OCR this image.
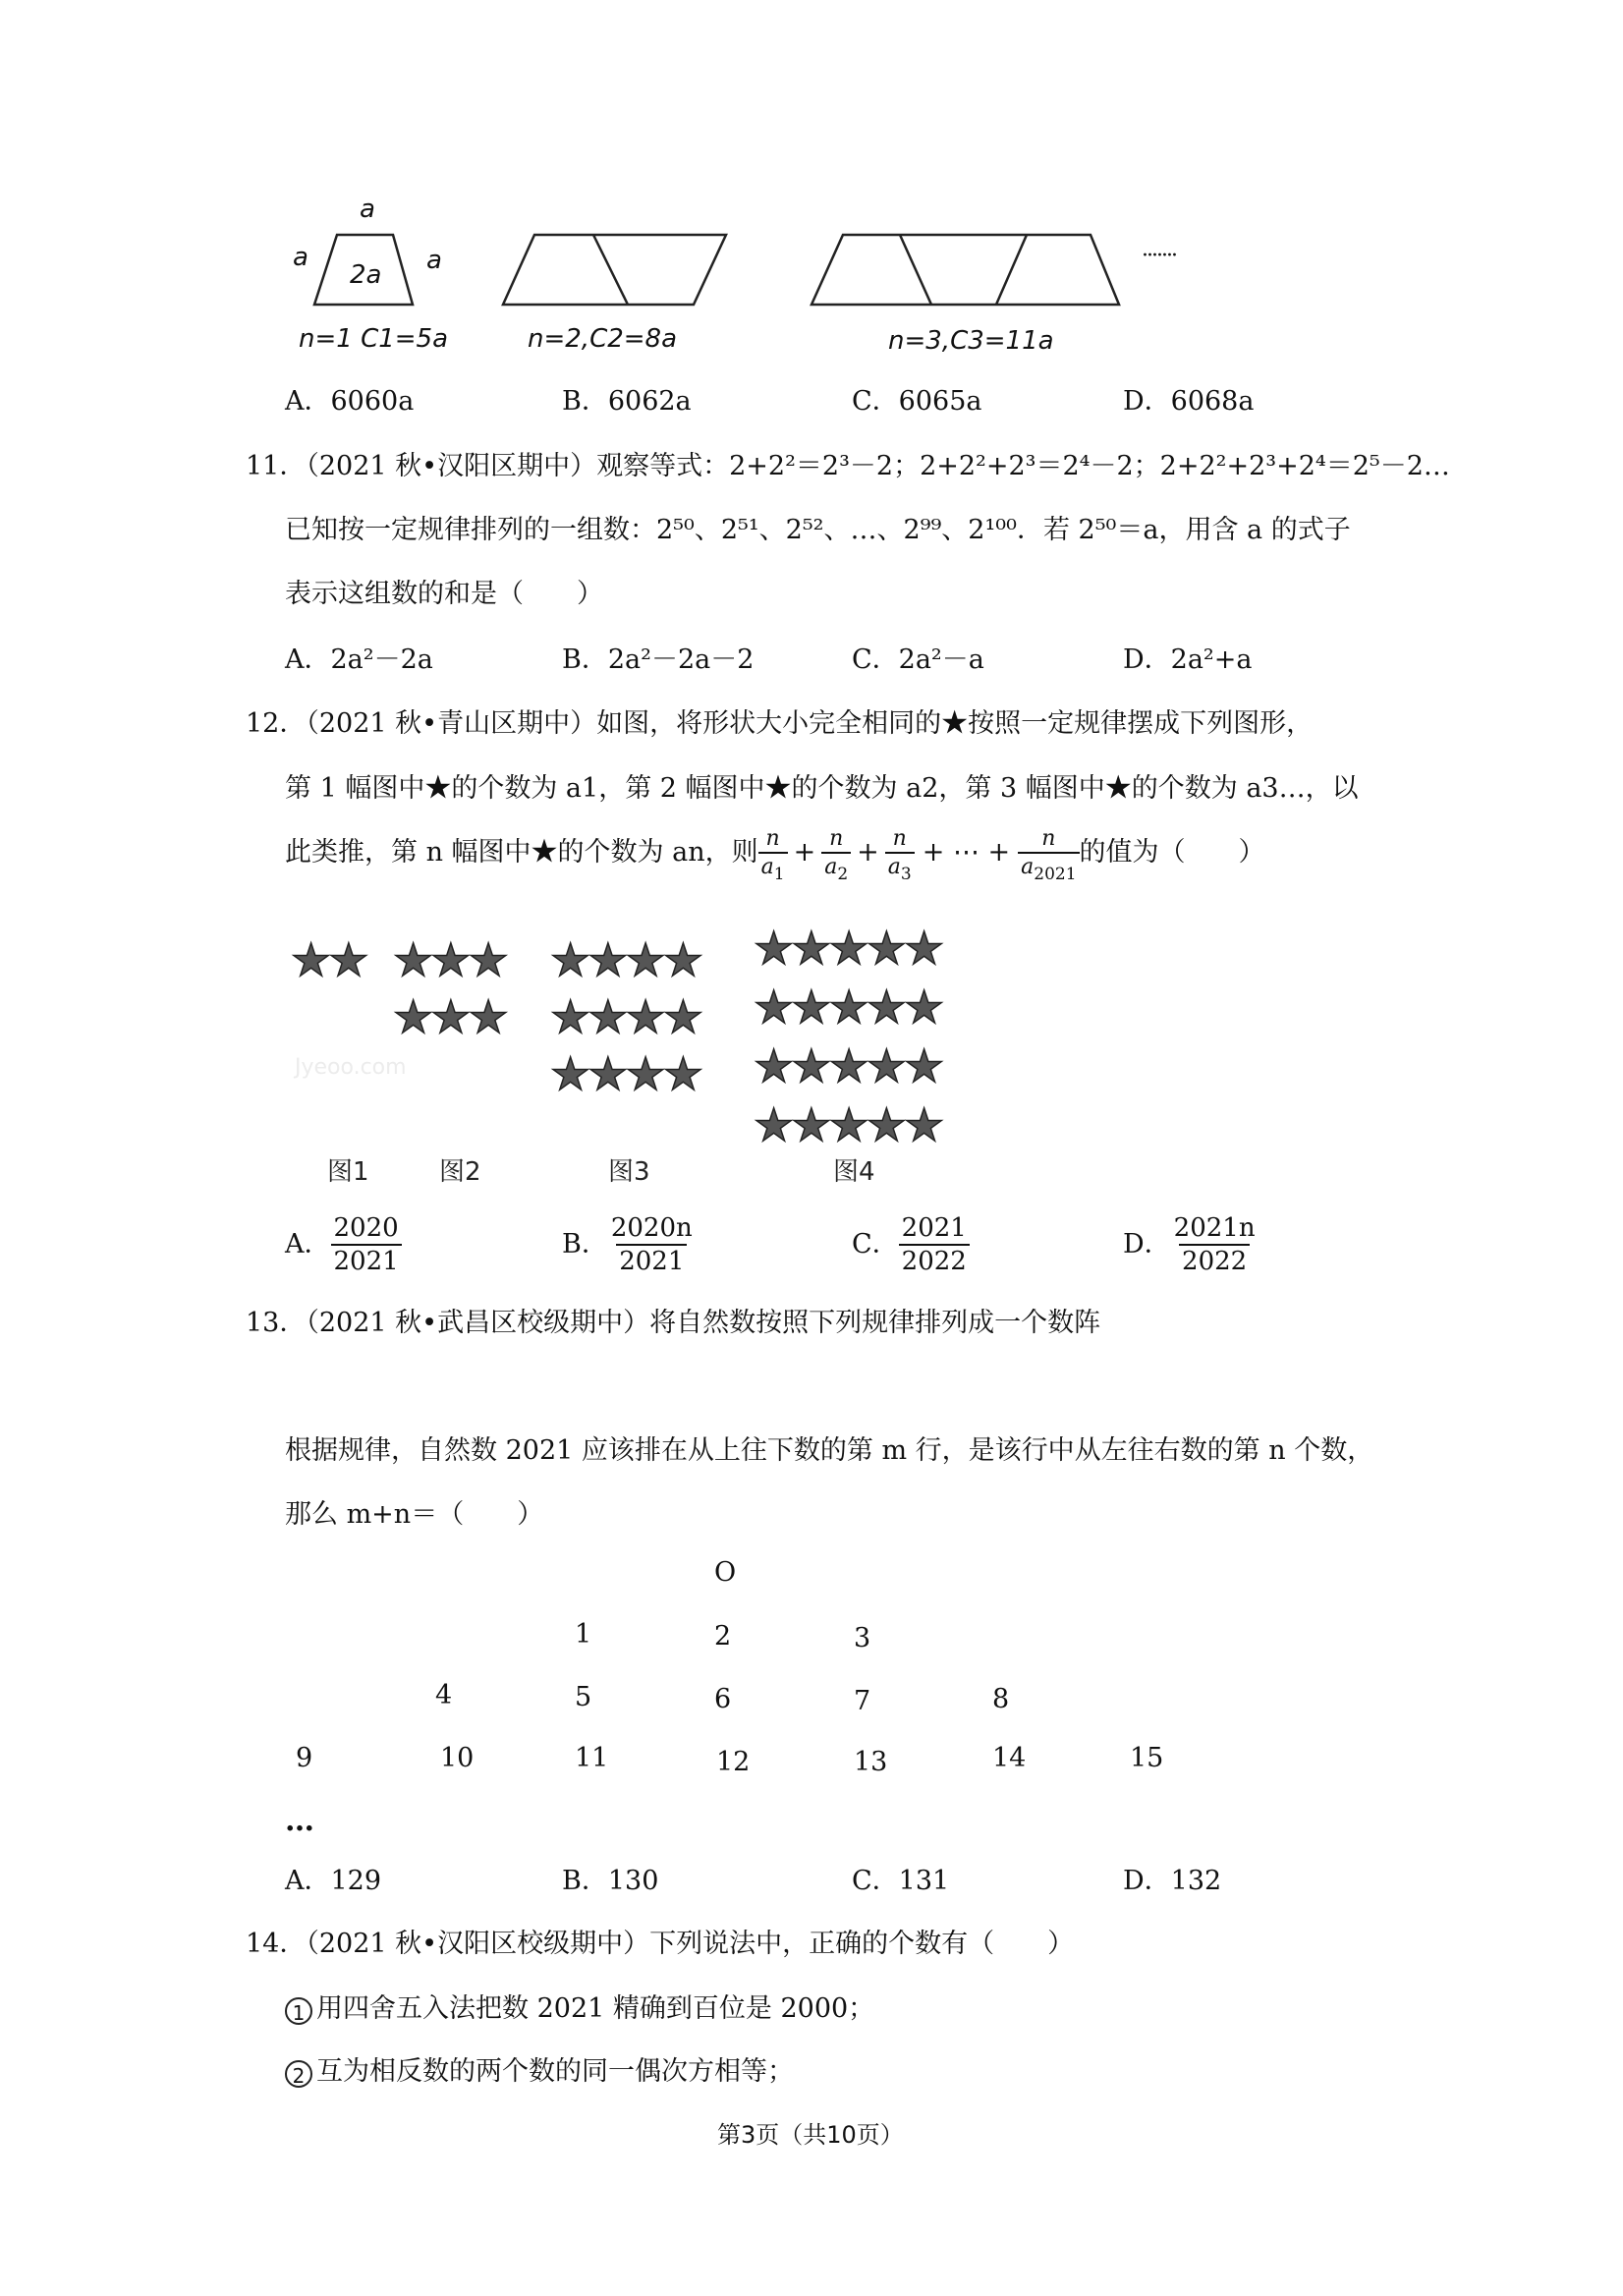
a
a
2a a	·······
n=1 C1=5a	n=2,C2=8a	n=3,C3=11a
A．6060a	B．6062a	C．6065a	D．6068a
11．（2021 秋•汉阳区期中）观察等式：2+2²＝2³－2；2+2²+2³＝2⁴－2；2+2²+2³+2⁴＝2⁵－2…
已知按一定规律排列的一组数：2⁵⁰、2⁵¹、2⁵²、…、2⁹⁹、2¹⁰⁰．若 2⁵⁰＝a，用含 a 的式子
表示这组数的和是（　　）
A．2a²－2a	B．2a²－2a－2	C．2a²－a	D．2a²+a
12．（2021 秋•青山区期中）如图，将形状大小完全相同的★按照一定规律摆成下列图形，
第 1 幅图中★的个数为 a1，第 2 幅图中★的个数为 a2，第 3 幅图中★的个数为 a3…，以
此类推，第 n 幅图中★的个数为 an，则 $\frac{n}{a_1} + \frac{n}{a_2} + \frac{n}{a_3}$ + ⋯ + $\frac{n}{a_{2021}}$ 的值为（　　）
★★ ★★★
★★★
★★★★
★★★★
★★★★
★★★★★
★★★★★
★★★★★
★★★★★
Jyeoo.com
图1	图2	图3	图4
A． $\frac{2020}{2021}$	B． $\frac{2020n}{2021}$	C． $\frac{2021}{2022}$	D． $\frac{2021n}{2022}$
13．（2021 秋•武昌区校级期中）将自然数按照下列规律排列成一个数阵
根据规律，自然数 2021 应该排在从上往下数的第 m 行，是该行中从左往右数的第 n 个数，
那么 m+n＝（　　）
O
1	2	3
4	5	6	7	8
9	10	11	12	13	14	15
…
A．129	B．130	C．131	D．132
14．（2021 秋•汉阳区校级期中）下列说法中，正确的个数有（　　）
1 用四舍五入法把数 2021 精确到百位是 2000；
2 互为相反数的两个数的同一偶次方相等；
第3页（共10页）
